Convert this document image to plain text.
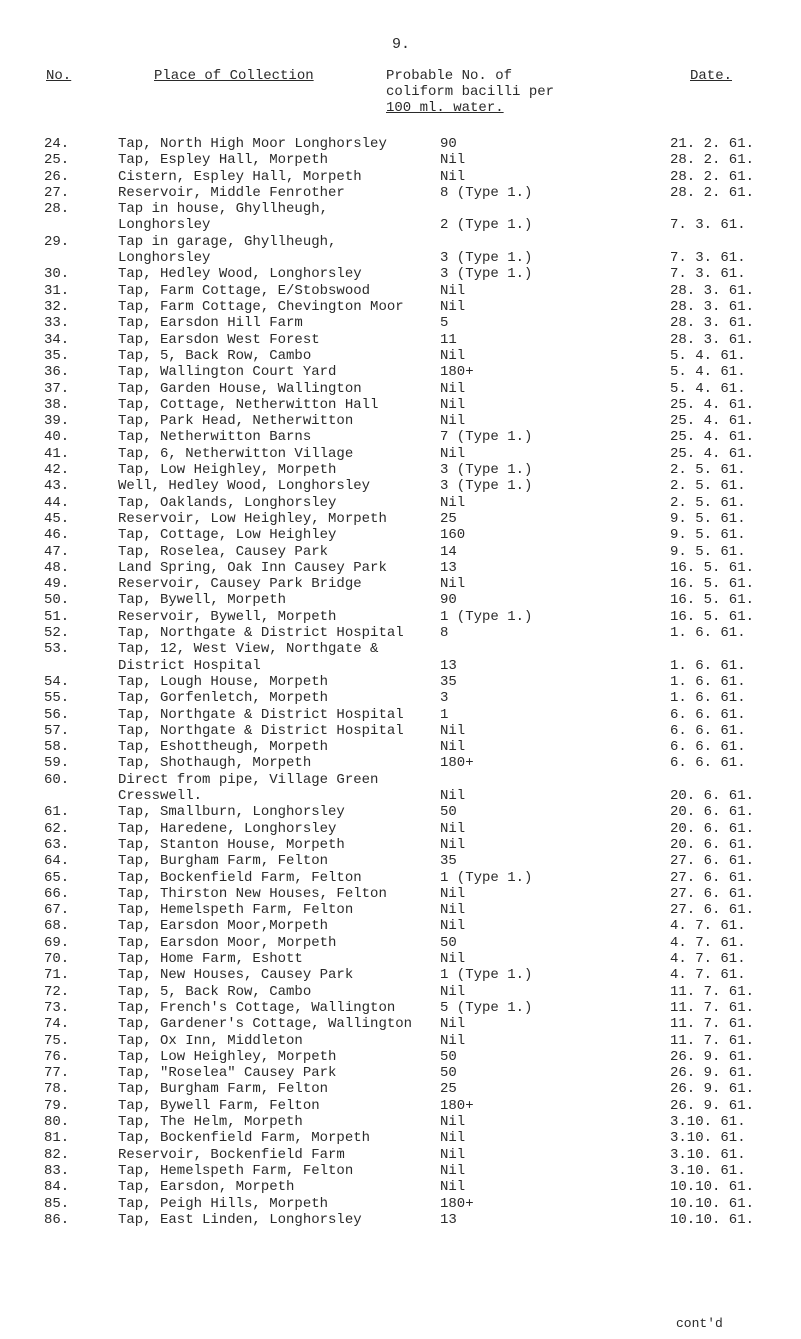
9.
No.	Place of Collection	Probable No. of
coliform bacilli per
100 ml. water.
Date.
24.	Tap, North High Moor Longhorsley	90	21. 2. 61.
25.	Tap, Espley Hall, Morpeth	Nil	28. 2. 61.
26.	Cistern, Espley Hall, Morpeth	Nil	28. 2. 61.
27.	Reservoir, Middle Fenrother	8 (Type 1.)	28. 2. 61.
28.	Tap in house, Ghyllheugh,
Longhorsley	2 (Type 1.)	7. 3. 61.
29.	Tap in garage, Ghyllheugh,
Longhorsley	3 (Type 1.)	7. 3. 61.
30.	Tap, Hedley Wood, Longhorsley	3 (Type 1.)	7. 3. 61.
31.	Tap, Farm Cottage, E/Stobswood	Nil	28. 3. 61.
32.	Tap, Farm Cottage, Chevington Moor	Nil	28. 3. 61.
33.	Tap, Earsdon Hill Farm	5	28. 3. 61.
34.	Tap, Earsdon West Forest	11	28. 3. 61.
35.	Tap, 5, Back Row, Cambo	Nil	5. 4. 61.
36.	Tap, Wallington Court Yard	180+	5. 4. 61.
37.	Tap, Garden House, Wallington	Nil	5. 4. 61.
38.	Tap, Cottage, Netherwitton Hall	Nil	25. 4. 61.
39.	Tap, Park Head, Netherwitton	Nil	25. 4. 61.
40.	Tap, Netherwitton Barns	7 (Type 1.)	25. 4. 61.
41.	Tap, 6, Netherwitton Village	Nil	25. 4. 61.
42.	Tap, Low Heighley, Morpeth	3 (Type 1.)	2. 5. 61.
43.	Well, Hedley Wood, Longhorsley	3 (Type 1.)	2. 5. 61.
44.	Tap, Oaklands, Longhorsley	Nil	2. 5. 61.
45.	Reservoir, Low Heighley, Morpeth	25	9. 5. 61.
46.	Tap, Cottage, Low Heighley	160	9. 5. 61.
47.	Tap, Roselea, Causey Park	14	9. 5. 61.
48.	Land Spring, Oak Inn Causey Park	13	16. 5. 61.
49.	Reservoir, Causey Park Bridge	Nil	16. 5. 61.
50.	Tap, Bywell, Morpeth	90	16. 5. 61.
51.	Reservoir, Bywell, Morpeth	1 (Type 1.)	16. 5. 61.
52.	Tap, Northgate & District Hospital	8	1. 6. 61.
53.	Tap, 12, West View, Northgate &
District Hospital	13	1. 6. 61.
54.	Tap, Lough House, Morpeth	35	1. 6. 61.
55.	Tap, Gorfenletch, Morpeth	3	1. 6. 61.
56.	Tap, Northgate & District Hospital	1	6. 6. 61.
57.	Tap, Northgate & District Hospital	Nil	6. 6. 61.
58.	Tap, Eshottheugh, Morpeth	Nil	6. 6. 61.
59.	Tap, Shothaugh, Morpeth	180+	6. 6. 61.
60.	Direct from pipe, Village Green
Cresswell.	Nil	20. 6. 61.
61.	Tap, Smallburn, Longhorsley	50	20. 6. 61.
62.	Tap, Haredene, Longhorsley	Nil	20. 6. 61.
63.	Tap, Stanton House, Morpeth	Nil	20. 6. 61.
64.	Tap, Burgham Farm, Felton	35	27. 6. 61.
65.	Tap, Bockenfield Farm, Felton	1 (Type 1.)	27. 6. 61.
66.	Tap, Thirston New Houses, Felton	Nil	27. 6. 61.
67.	Tap, Hemelspeth Farm, Felton	Nil	27. 6. 61.
68.	Tap, Earsdon Moor,Morpeth	Nil	4. 7. 61.
69.	Tap, Earsdon Moor, Morpeth	50	4. 7. 61.
70.	Tap, Home Farm, Eshott	Nil	4. 7. 61.
71.	Tap, New Houses, Causey Park	1 (Type 1.)	4. 7. 61.
72.	Tap, 5, Back Row, Cambo	Nil	11. 7. 61.
73.	Tap, French's Cottage, Wallington	5 (Type 1.)	11. 7. 61.
74.	Tap, Gardener's Cottage, Wallington Nil	11. 7. 61.
75.	Tap, Ox Inn, Middleton	Nil	11. 7. 61.
76.	Tap, Low Heighley, Morpeth	50	26. 9. 61.
77.	Tap, "Roselea" Causey Park	50	26. 9. 61.
78.	Tap, Burgham Farm, Felton	25	26. 9. 61.
79.	Tap, Bywell Farm, Felton	180+	26. 9. 61.
80.	Tap, The Helm, Morpeth	Nil	3.10. 61.
81.	Tap, Bockenfield Farm, Morpeth	Nil	3.10. 61.
82.	Reservoir, Bockenfield Farm	Nil	3.10. 61.
83.	Tap, Hemelspeth Farm, Felton	Nil	3.10. 61.
84.	Tap, Earsdon, Morpeth	Nil	10.10. 61.
85.	Tap, Peigh Hills, Morpeth	180+	10.10. 61.
86.	Tap, East Linden, Longhorsley	13	10.10. 61.
cont'd
